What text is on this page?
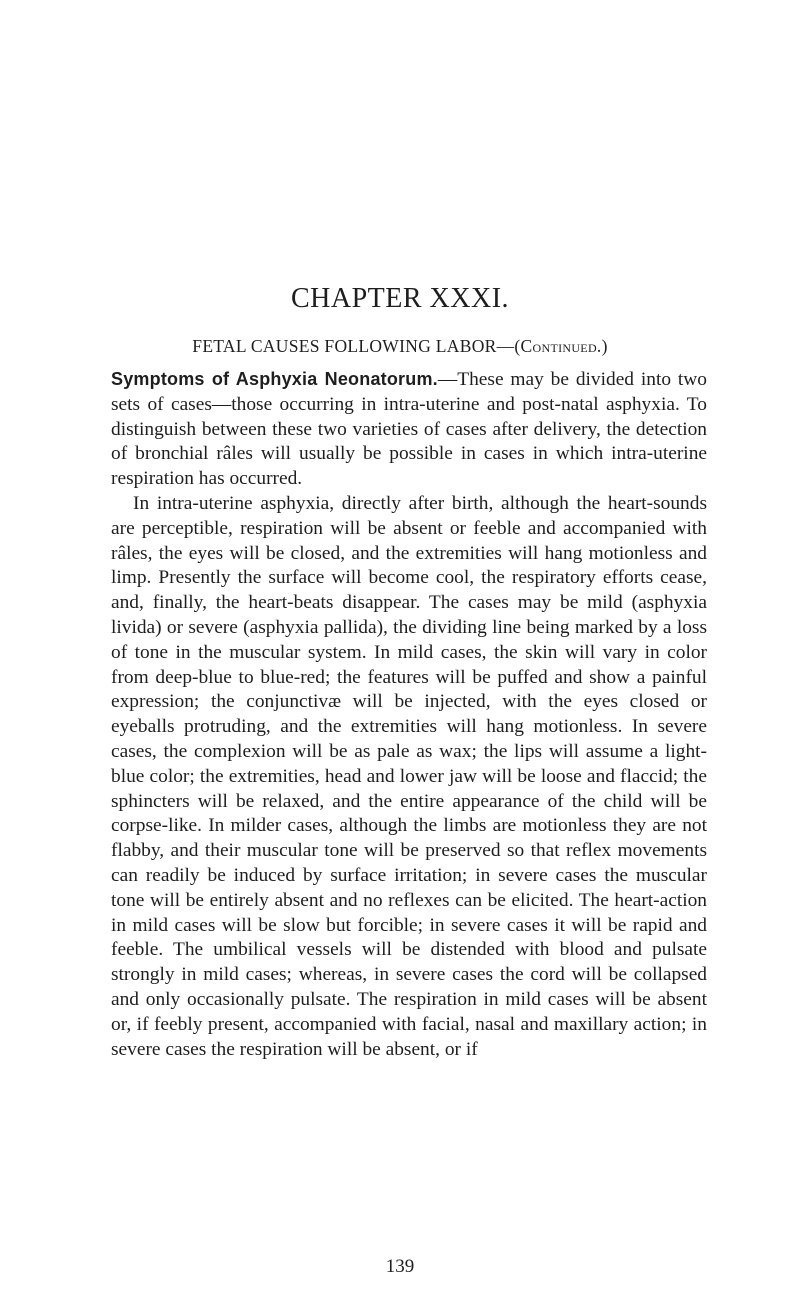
CHAPTER XXXI.
FETAL CAUSES FOLLOWING LABOR—(Continued.)

Symptoms of Asphyxia Neonatorum.—These may be divided into two sets of cases—those occurring in intra-uterine and post-natal asphyxia. To distinguish between these two varieties of cases after delivery, the detection of bronchial râles will usually be possible in cases in which intra-uterine respiration has occurred.

In intra-uterine asphyxia, directly after birth, although the heart-sounds are perceptible, respiration will be absent or feeble and accompanied with râles, the eyes will be closed, and the extremities will hang motionless and limp. Presently the surface will become cool, the respiratory efforts cease, and, finally, the heart-beats disappear. The cases may be mild (asphyxia livida) or severe (asphyxia pallida), the dividing line being marked by a loss of tone in the muscular system. In mild cases, the skin will vary in color from deep-blue to blue-red; the features will be puffed and show a painful expression; the conjunctivæ will be injected, with the eyes closed or eyeballs protruding, and the extremities will hang motionless. In severe cases, the complexion will be as pale as wax; the lips will assume a light-blue color; the extremities, head and lower jaw will be loose and flaccid; the sphincters will be relaxed, and the entire appearance of the child will be corpse-like. In milder cases, although the limbs are motionless they are not flabby, and their muscular tone will be preserved so that reflex movements can readily be induced by surface irritation; in severe cases the muscular tone will be entirely absent and no reflexes can be elicited. The heart-action in mild cases will be slow but forcible; in severe cases it will be rapid and feeble. The umbilical vessels will be distended with blood and pulsate strongly in mild cases; whereas, in severe cases the cord will be collapsed and only occasionally pulsate. The respiration in mild cases will be absent or, if feebly present, accompanied with facial, nasal and maxillary action; in severe cases the respiration will be absent, or if

139
